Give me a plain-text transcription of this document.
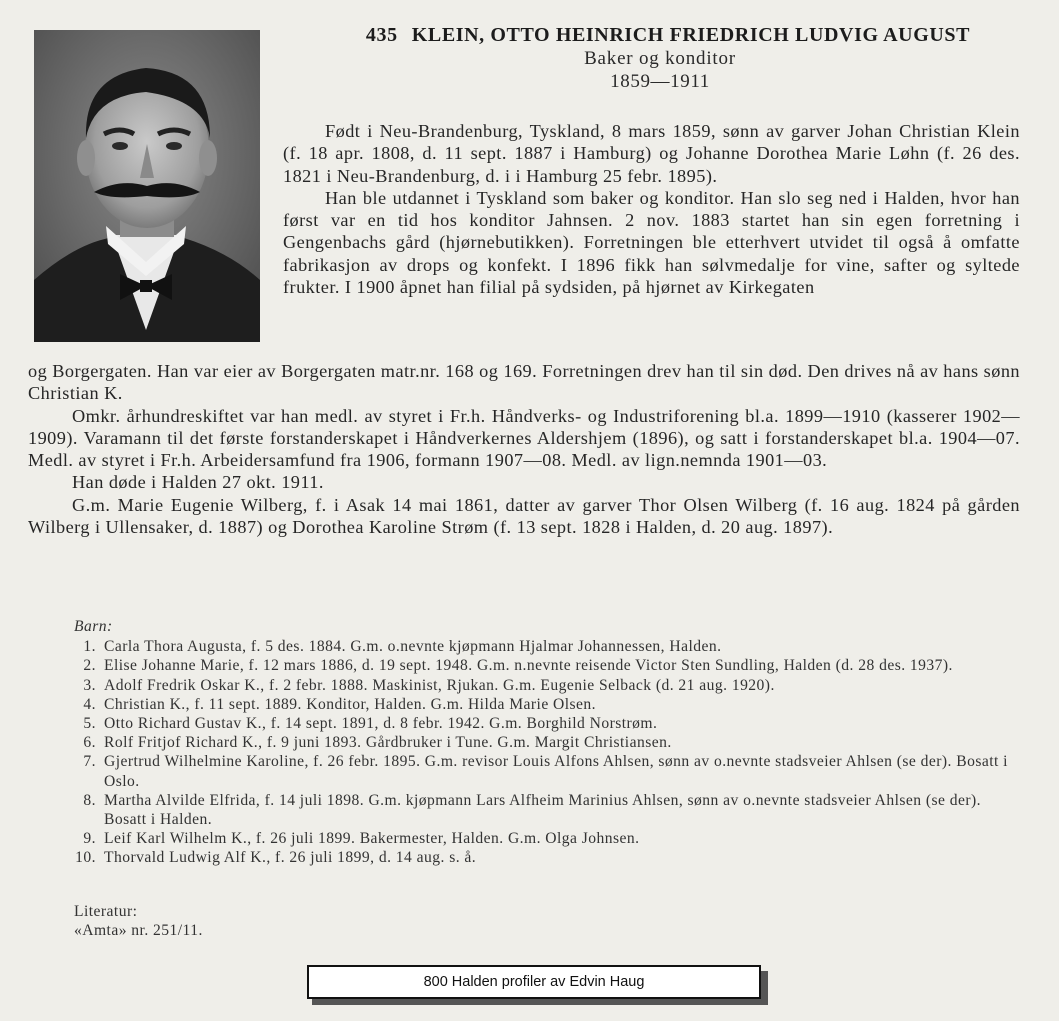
435 KLEIN, OTTO HEINRICH FRIEDRICH LUDVIG AUGUST
Baker og konditor
1859—1911

Født i Neu-Brandenburg, Tyskland, 8 mars 1859, sønn av garver Johan Christian Klein (f. 18 apr. 1808, d. 11 sept. 1887 i Hamburg) og Johanne Dorothea Marie Løhn (f. 26 des. 1821 i Neu-Brandenburg, d. i i Hamburg 25 febr. 1895).

Han ble utdannet i Tyskland som baker og konditor. Han slo seg ned i Halden, hvor han først var en tid hos konditor Jahnsen. 2 nov. 1883 startet han sin egen forretning i Gengenbachs gård (hjørnebutikken). Forretningen ble etterhvert utvidet til også å omfatte fabrikasjon av drops og konfekt. I 1896 fikk han sølvmedalje for vine, safter og syltede frukter. I 1900 åpnet han filial på sydsiden, på hjørnet av Kirkegaten

og Borgergaten. Han var eier av Borgergaten matr.nr. 168 og 169. Forretningen drev han til sin død. Den drives nå av hans sønn Christian K.

Omkr. århundreskiftet var han medl. av styret i Fr.h. Håndverks- og Industriforening bl.a. 1899—1910 (kasserer 1902—1909). Varamann til det første forstanderskapet i Håndverkernes Aldershjem (1896), og satt i forstanderskapet bl.a. 1904—07. Medl. av styret i Fr.h. Arbeidersamfund fra 1906, formann 1907—08. Medl. av lign.nemnda 1901—03.

Han døde i Halden 27 okt. 1911.

G.m. Marie Eugenie Wilberg, f. i Asak 14 mai 1861, datter av garver Thor Olsen Wilberg (f. 16 aug. 1824 på gården Wilberg i Ullensaker, d. 1887) og Dorothea Karoline Strøm (f. 13 sept. 1828 i Halden, d. 20 aug. 1897).

Barn:
1. Carla Thora Augusta, f. 5 des. 1884. G.m. o.nevnte kjøpmann Hjalmar Johannessen, Halden.
2. Elise Johanne Marie, f. 12 mars 1886, d. 19 sept. 1948. G.m. n.nevnte reisende Victor Sten Sundling, Halden (d. 28 des. 1937).
3. Adolf Fredrik Oskar K., f. 2 febr. 1888. Maskinist, Rjukan. G.m. Eugenie Selback (d. 21 aug. 1920).
4. Christian K., f. 11 sept. 1889. Konditor, Halden. G.m. Hilda Marie Olsen.
5. Otto Richard Gustav K., f. 14 sept. 1891, d. 8 febr. 1942. G.m. Borghild Norstrøm.
6. Rolf Fritjof Richard K., f. 9 juni 1893. Gårdbruker i Tune. G.m. Margit Christiansen.
7. Gjertrud Wilhelmine Karoline, f. 26 febr. 1895. G.m. revisor Louis Alfons Ahlsen, sønn av o.nevnte stadsveier Ahlsen (se der). Bosatt i Oslo.
8. Martha Alvilde Elfrida, f. 14 juli 1898. G.m. kjøpmann Lars Alfheim Marinius Ahlsen, sønn av o.nevnte stadsveier Ahlsen (se der). Bosatt i Halden.
9. Leif Karl Wilhelm K., f. 26 juli 1899. Bakermester, Halden. G.m. Olga Johnsen.
10. Thorvald Ludwig Alf K., f. 26 juli 1899, d. 14 aug. s. å.
Literatur:
«Amta» nr. 251/11.
800 Halden profiler av Edvin Haug
